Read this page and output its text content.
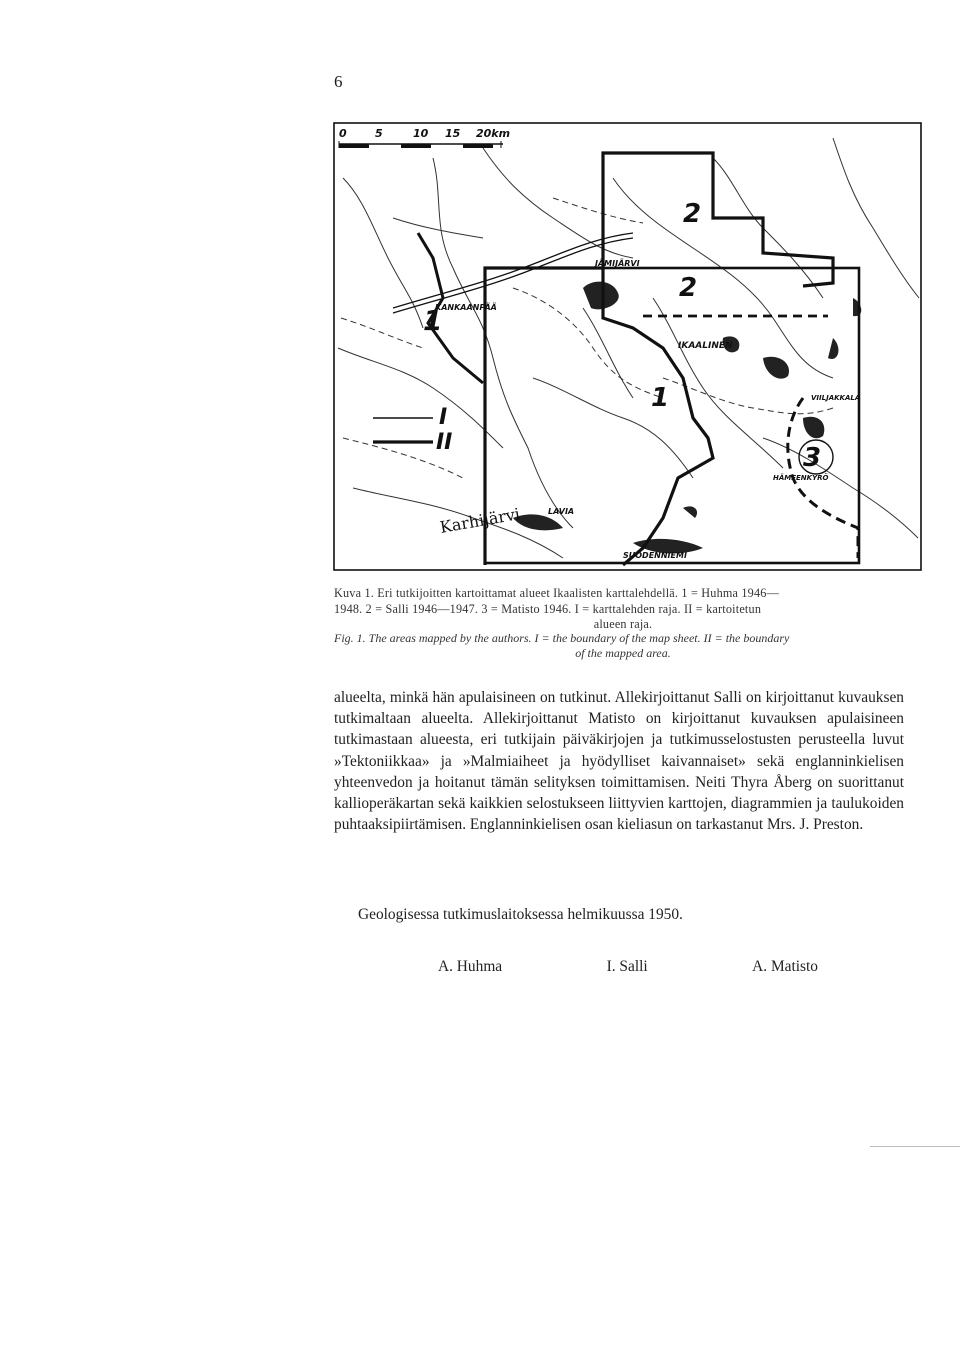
6
0	5	10 15 20km
I
II
JÄMIJÄRVI
KANKAANPÄÄ
IKAALINEN
VIILJAKKALA
HÄMEENKYRÖ
LAVIA
SUODENNIEMI
Karhijärvi
1
1
2
2
3
Kuva 1. Eri tutkijoitten kartoittamat alueet Ikaalisten karttalehdellä. 1 = Huhma 1946—
1948. 2 = Salli 1946—1947. 3 = Matisto 1946. I = karttalehden raja. II = kartoitetun

alueen raja.
Fig. 1. The areas mapped by the authors. I = the boundary of the map sheet. II = the boundary

of the mapped area.
alueelta, minkä hän apulaisineen on tutkinut. Allekirjoittanut Salli on kirjoittanut kuvauksen tutkimaltaan alueelta. Allekirjoittanut Matisto on kirjoittanut kuvauksen apulaisineen tutkimastaan alueesta, eri tutkijain päiväkirjojen ja tutkimusselostusten perusteella luvut »Tektoniikkaa» ja »Malmiaiheet ja hyödylliset kaivannaiset» sekä englanninkielisen yhteenvedon ja hoitanut tämän selityksen toimittamisen. Neiti Thyra Åberg on suorittanut kallioperäkartan sekä kaikkien selostukseen liittyvien karttojen, diagrammien ja taulukoiden puhtaaksipiirtämisen. Englanninkielisen osan kieliasun on tarkastanut Mrs. J. Preston.
Geologisessa tutkimuslaitoksessa helmikuussa 1950.
A. Huhma	I. Salli	A. Matisto
